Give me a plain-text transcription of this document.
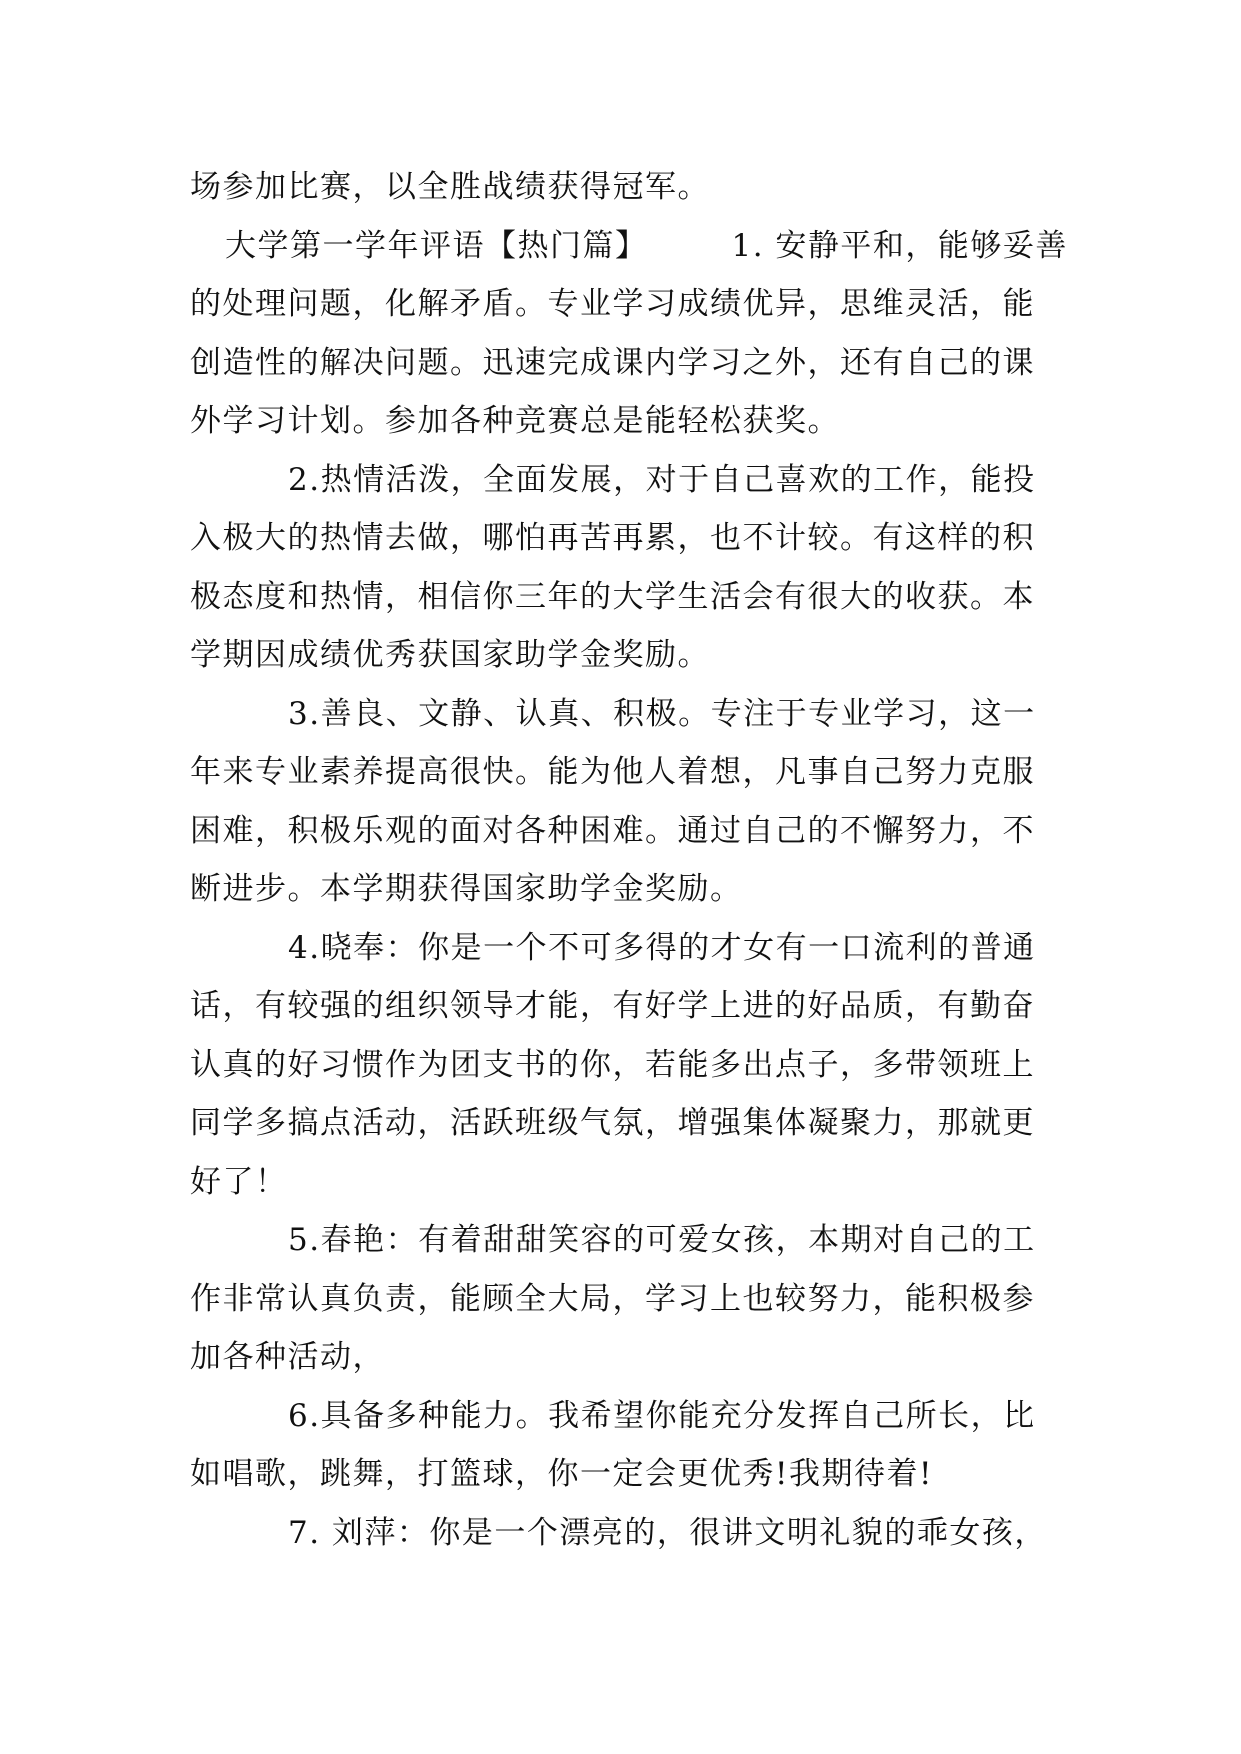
场参加比赛，以全胜战绩获得冠军。
大学第一学年评语【热门篇】	1. 安静平和，能够妥善
的处理问题，化解矛盾。专业学习成绩优异，思维灵活，能
创造性的解决问题。迅速完成课内学习之外，还有自己的课
外学习计划。参加各种竞赛总是能轻松获奖。
2.热情活泼，全面发展，对于自己喜欢的工作，能投
入极大的热情去做，哪怕再苦再累，也不计较。有这样的积
极态度和热情，相信你三年的大学生活会有很大的收获。本
学期因成绩优秀获国家助学金奖励。
3.善良、文静、认真、积极。专注于专业学习，这一
年来专业素养提高很快。能为他人着想，凡事自己努力克服
困难，积极乐观的面对各种困难。通过自己的不懈努力，不
断进步。本学期获得国家助学金奖励。
4.晓奉：你是一个不可多得的才女有一口流利的普通
话，有较强的组织领导才能，有好学上进的好品质，有勤奋
认真的好习惯作为团支书的你，若能多出点子，多带领班上
同学多搞点活动，活跃班级气氛，增强集体凝聚力，那就更
好了！
5.春艳：有着甜甜笑容的可爱女孩，本期对自己的工
作非常认真负责，能顾全大局，学习上也较努力，能积极参
加各种活动，
6.具备多种能力。我希望你能充分发挥自己所长，比
如唱歌，跳舞，打篮球，你一定会更优秀!我期待着!
7. 刘萍：你是一个漂亮的，很讲文明礼貌的乖女孩，
